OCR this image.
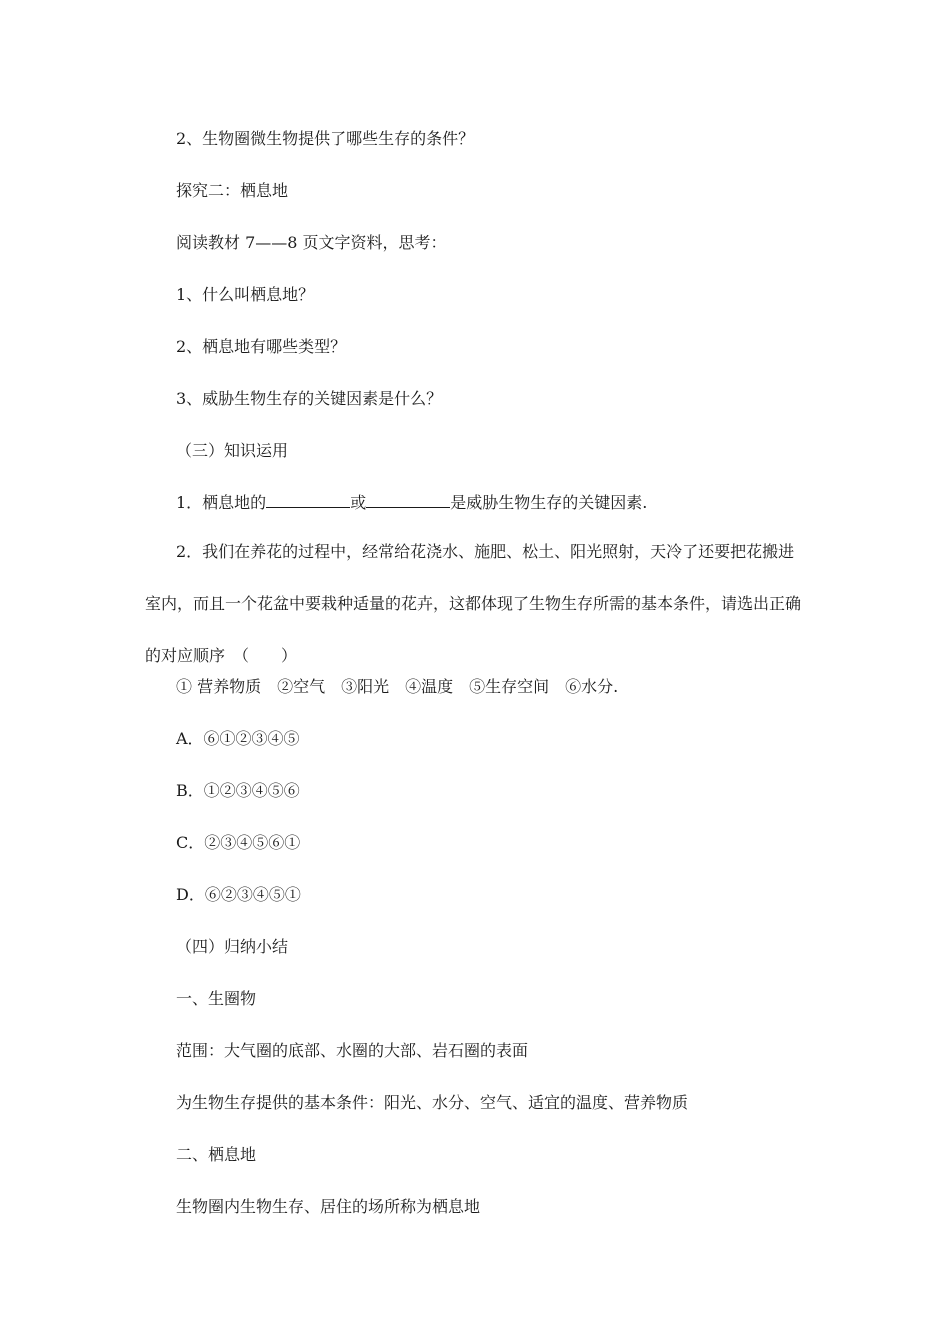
2、生物圈微生物提供了哪些生存的条件？
探究二：栖息地
阅读教材 7——8 页文字资料，思考：
1、什么叫栖息地？
2、栖息地有哪些类型？
3、威胁生物生存的关键因素是什么？
（三）知识运用
1．栖息地的	或	是威胁生物生存的关键因素.

2．我们在养花的过程中，经常给花浇水、施肥、松土、阳光照射，天冷了还要把花搬进室内，而且一个花盆中要栽种适量的花卉，这都体现了生物生存所需的基本条件，请选出正确的对应顺序　（　　）

① 营养物质　②空气　③阳光　④温度　⑤生存空间　⑥水分.
A．⑥①②③④⑤
B．①②③④⑤⑥
C．②③④⑤⑥①
D．⑥②③④⑤①
（四）归纳小结
一、生圈物
范围：大气圈的底部、水圈的大部、岩石圈的表面
为生物生存提供的基本条件：阳光、水分、空气、适宜的温度、营养物质
二、栖息地
生物圈内生物生存、居住的场所称为栖息地
